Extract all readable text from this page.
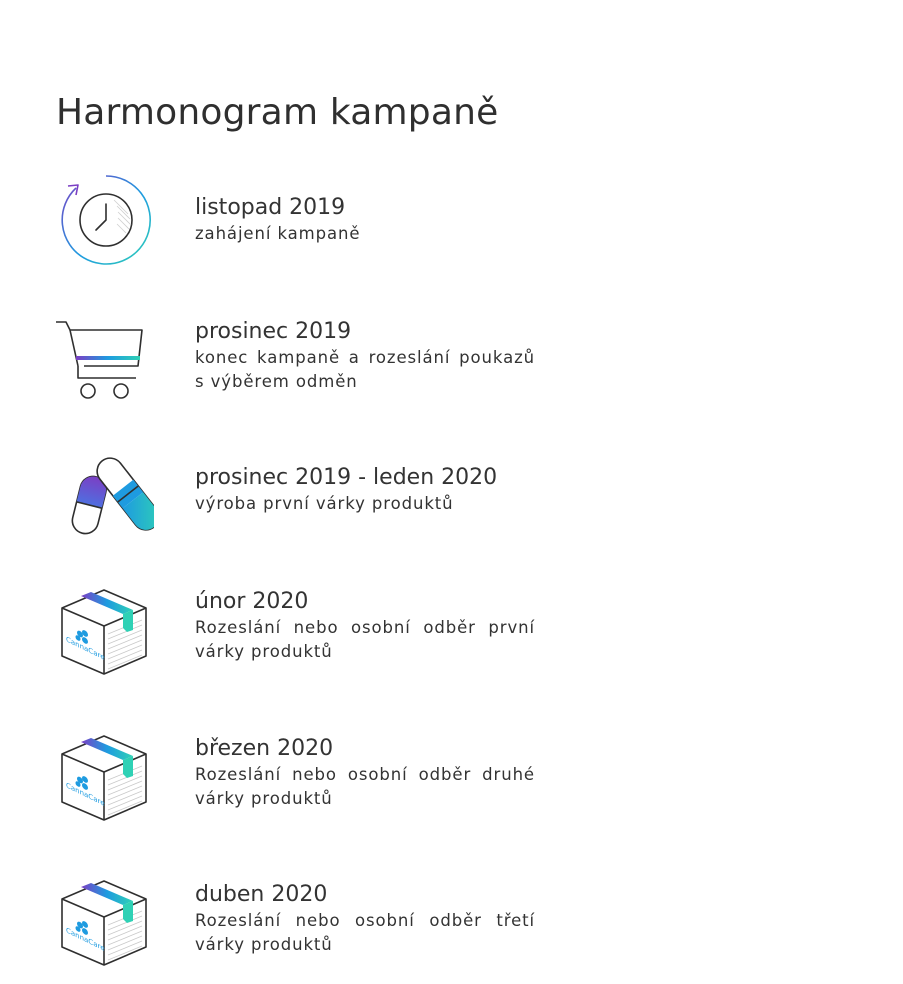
Harmonogram kampaně
listopad 2019
zahájení kampaně
prosinec 2019
konec kampaně a rozeslání poukazů s výběrem odměn
prosinec 2019 - leden 2020
výroba první várky produktů
únor 2020
Rozeslání nebo osobní odběr první várky produktů
březen 2020
Rozeslání nebo osobní odběr druhé várky produktů
duben 2020
Rozeslání nebo osobní odběr třetí várky produktů
